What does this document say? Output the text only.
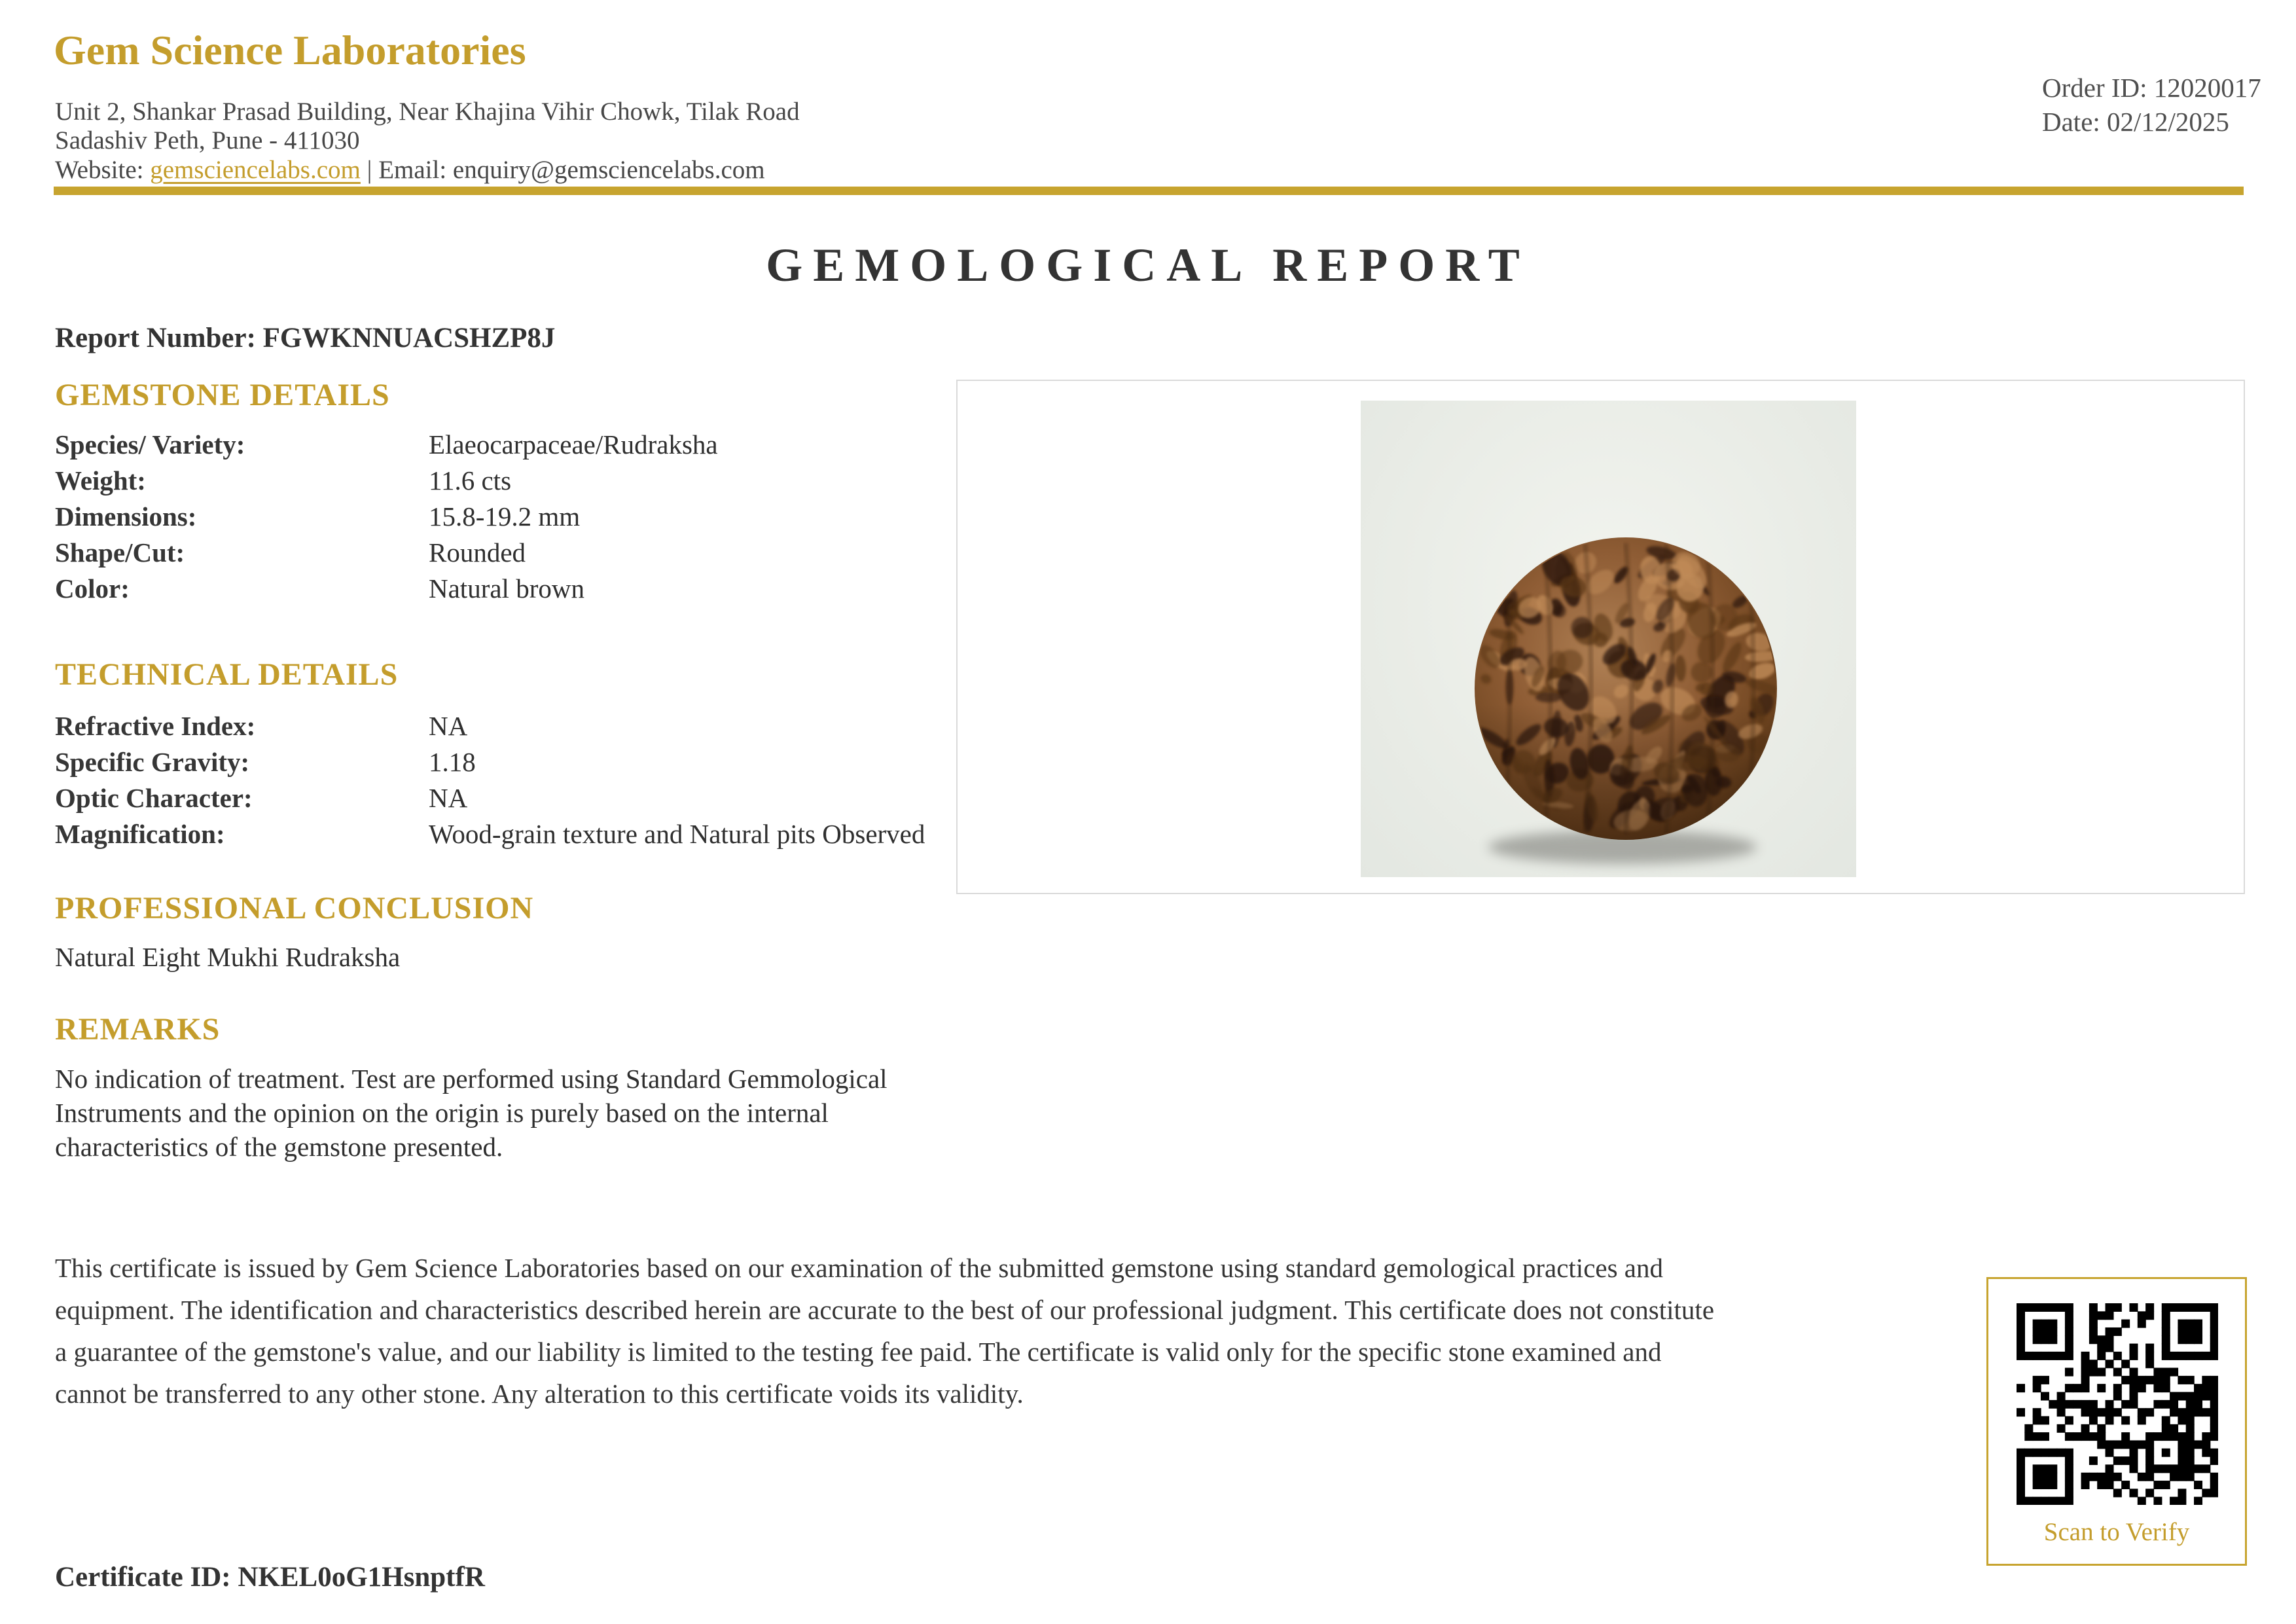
Gem Science Laboratories
Unit 2, Shankar Prasad Building, Near Khajina Vihir Chowk, Tilak Road
Sadashiv Peth, Pune - 411030
Website: gemsciencelabs.com | Email: enquiry@gemsciencelabs.com
Order ID: 12020017
Date: 02/12/2025
GEMOLOGICAL REPORT
Report Number: FGWKNNUACSHZP8J
GEMSTONE DETAILS
Species/ Variety:	Elaeocarpaceae/Rudraksha
Weight:	11.6 cts
Dimensions:	15.8-19.2 mm
Shape/Cut:	Rounded
Color:	Natural brown
TECHNICAL DETAILS
Refractive Index:	NA
Specific Gravity:	1.18
Optic Character:	NA
Magnification:	Wood-grain texture and Natural pits Observed
PROFESSIONAL CONCLUSION
Natural Eight Mukhi Rudraksha
REMARKS
No indication of treatment. Test are performed using Standard Gemmological Instruments and the opinion on the origin is purely based on the internal characteristics of the gemstone presented.
This certificate is issued by Gem Science Laboratories based on our examination of the submitted gemstone using standard gemological practices and equipment. The identification and characteristics described herein are accurate to the best of our professional judgment. This certificate does not constitute a guarantee of the gemstone's value, and our liability is limited to the testing fee paid. The certificate is valid only for the specific stone examined and cannot be transferred to any other stone. Any alteration to this certificate voids its validity.
Certificate ID: NKEL0oG1HsnptfR
Scan to Verify
